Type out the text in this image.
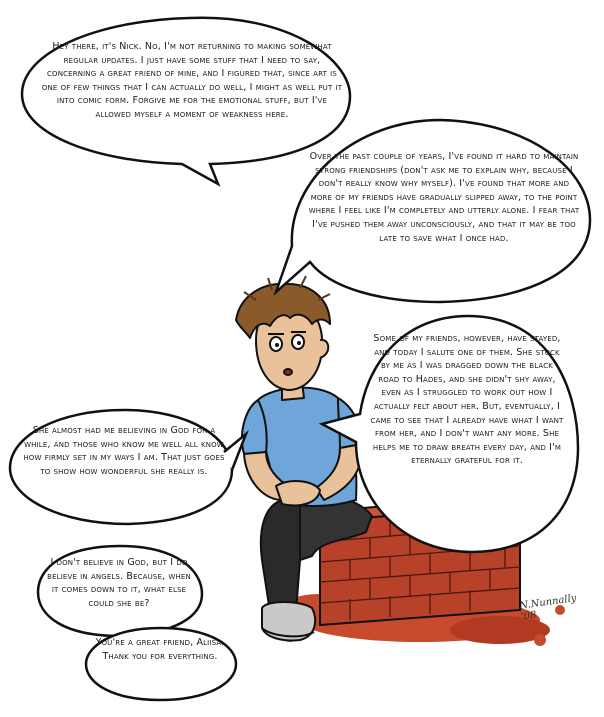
Hey there, it's Nick. No, I'm not returning to making somewhat regular updates. I just have some stuff that I need to say, concerning a great friend of mine, and I figured that, since art is one of few things that I can actually do well, I might as well put it into comic form. Forgive me for the emotional stuff, but I've allowed myself a moment of weakness here.

Over the past couple of years, I've found it hard to maintain strong friendships (don't ask me to explain why, because I don't really know why myself). I've found that more and more of my friends have gradually slipped away, to the point where I feel like I'm completely and utterly alone. I fear that I've pushed them away unconsciously, and that it may be too late to save what I once had.

Some of my friends, however, have stayed, and today I salute one of them. She stuck by me as I was dragged down the black road to Hades, and she didn't shy away, even as I struggled to work out how I actually felt about her. But, eventually, I came to see that I already have what I want from her, and I don't want any more. She helps me to draw breath every day, and I'm eternally grateful for it.

She almost had me believing in God for a while, and those who know me well all know how firmly set in my ways I am. That just goes to show how wonderful she really is.

I don't believe in God, but I do believe in angels. Because, when it comes down to it, what else could she be?

You're a great friend, Aliisa. Thank you for everything.

N.Nunnally '08
